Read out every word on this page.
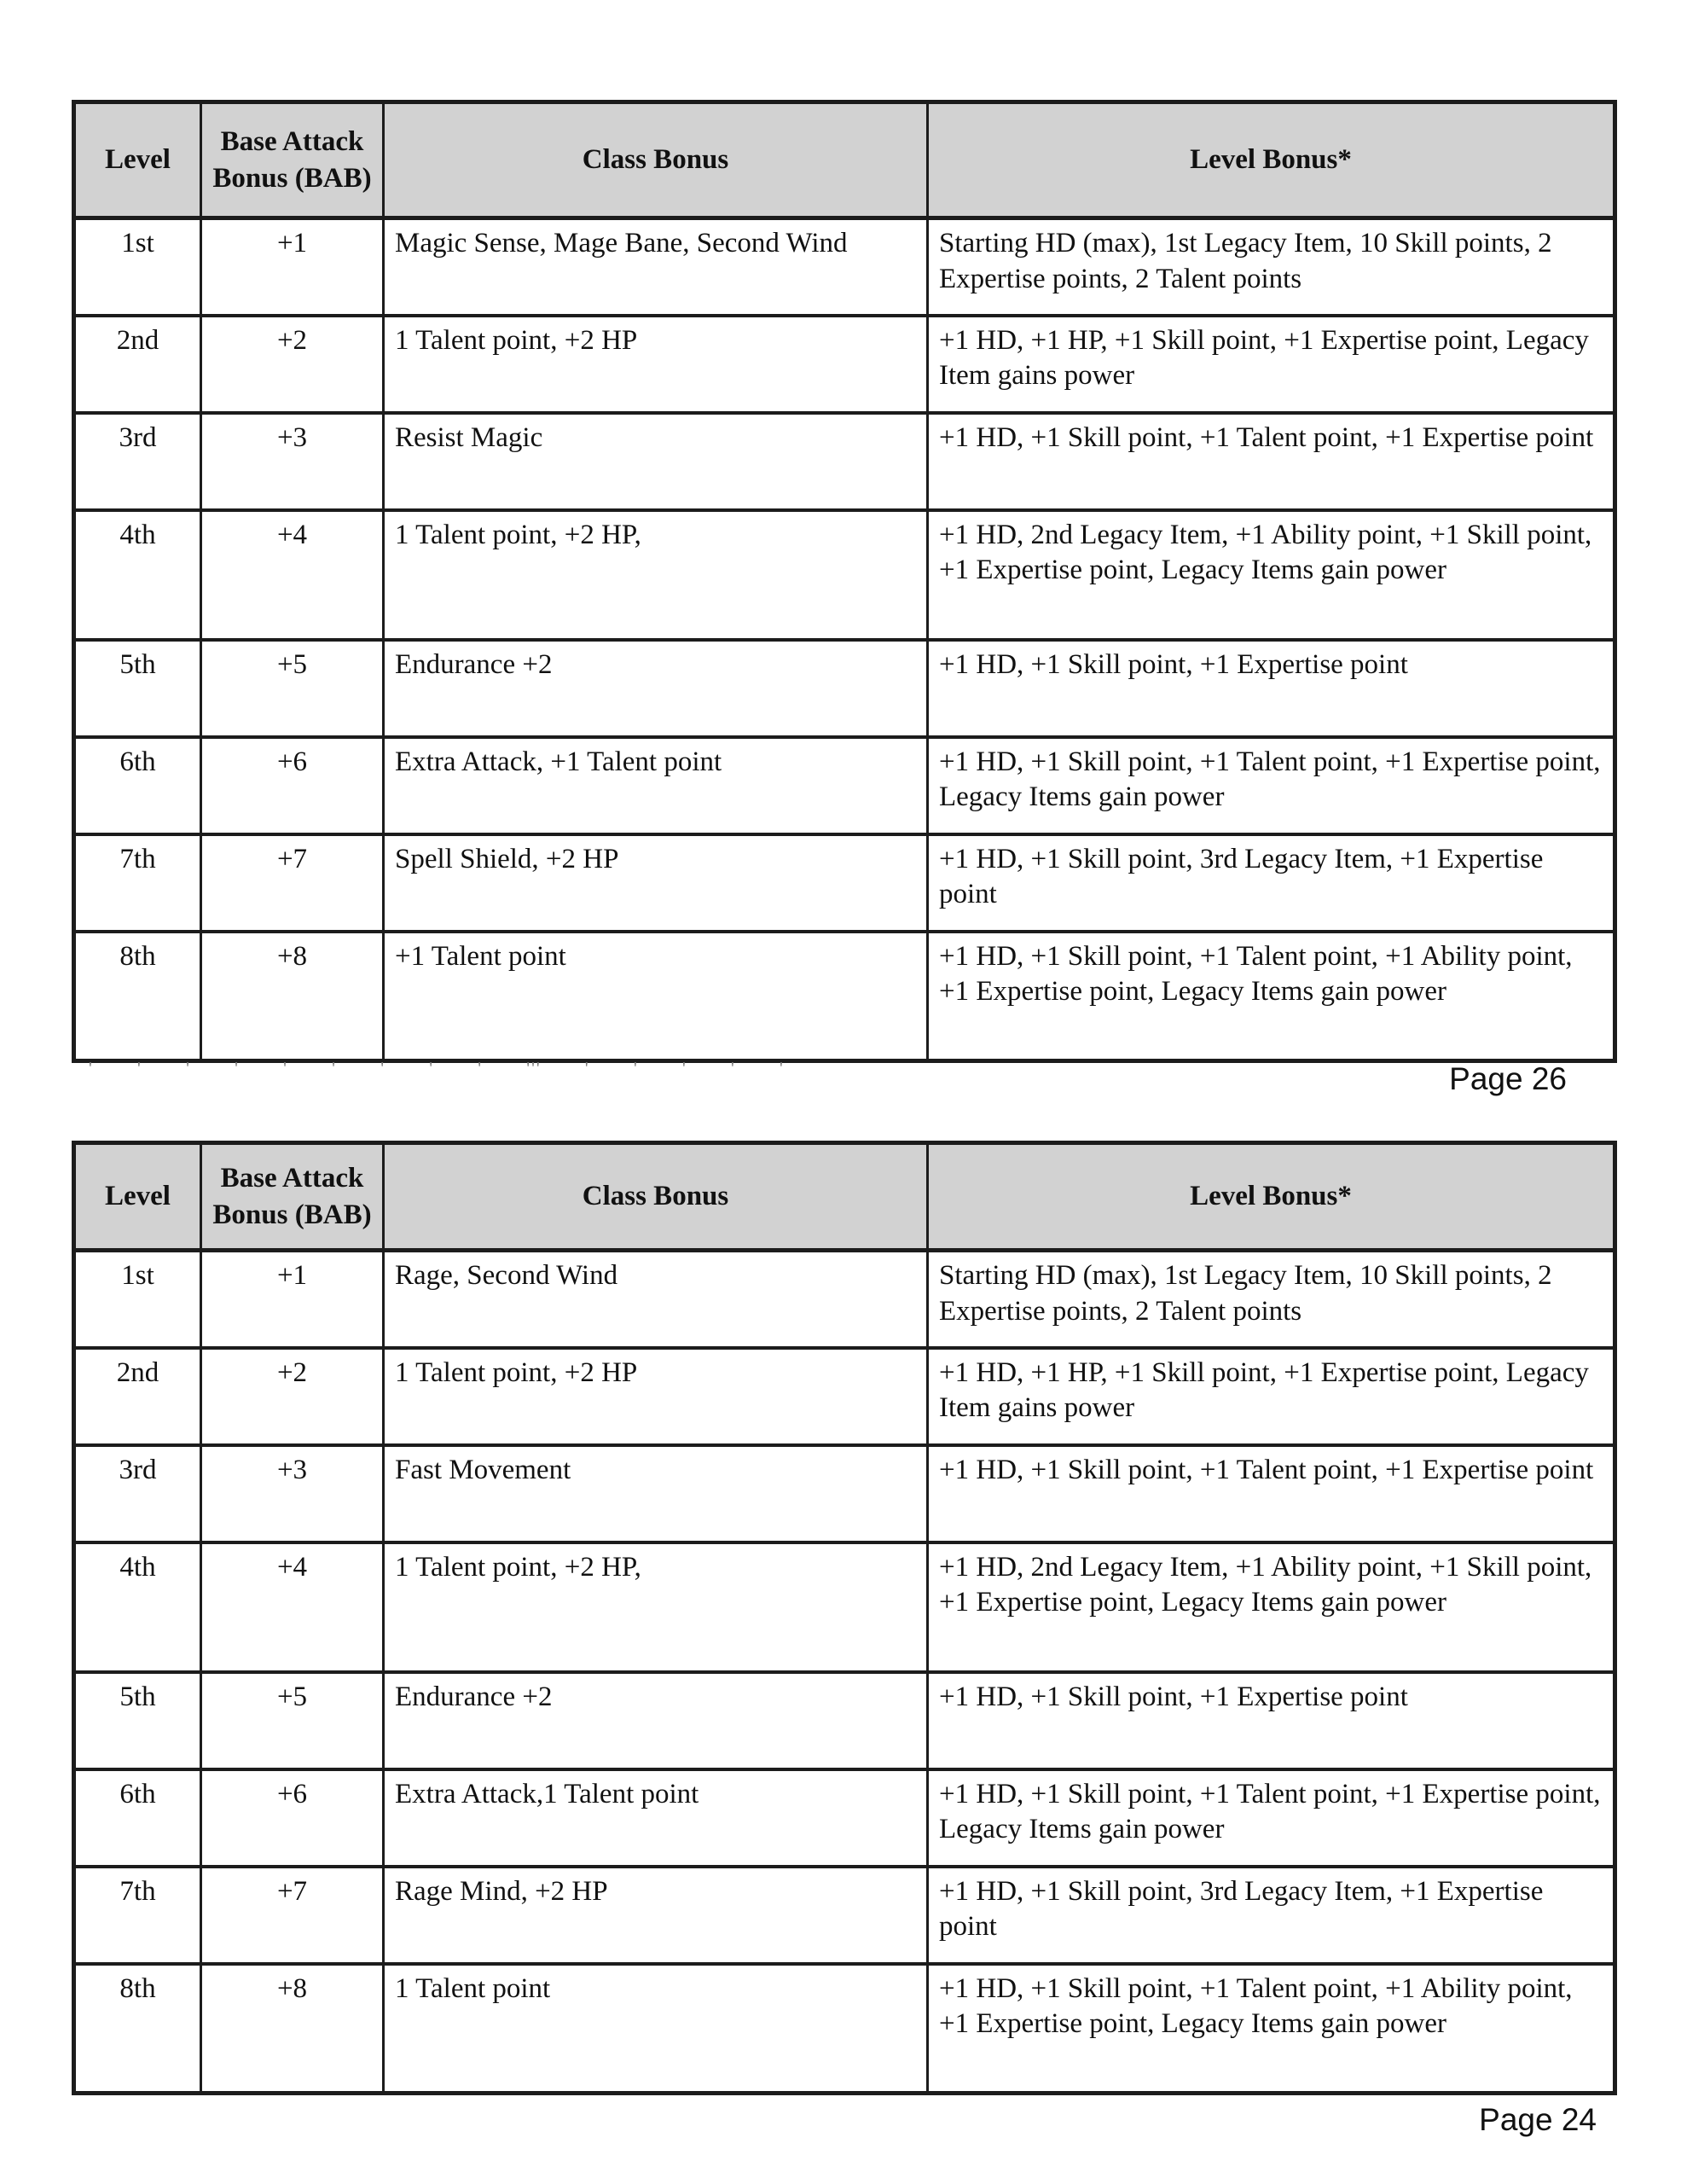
Level	Base Attack Bonus (BAB)	Class Bonus	Level Bonus*
1st	+1	Magic Sense, Mage Bane, Second Wind	Starting HD (max), 1st Legacy Item, 10 Skill points, 2 Expertise points, 2 Talent points
2nd	+2	1 Talent point, +2 HP	+1 HD, +1 HP, +1 Skill point, +1 Expertise point, Legacy Item gains power
3rd	+3	Resist Magic	+1 HD, +1 Skill point, +1 Talent point, +1 Expertise point
4th	+4	1 Talent point, +2 HP,	+1 HD, 2nd Legacy Item, +1 Ability point, +1 Skill point, +1 Expertise point, Legacy Items gain power
5th	+5	Endurance +2	+1 HD, +1 Skill point, +1 Expertise point
6th	+6	Extra Attack, +1 Talent point	+1 HD, +1 Skill point, +1 Talent point, +1 Expertise point, Legacy Items gain power
7th	+7	Spell Shield, +2 HP	+1 HD, +1 Skill point, 3rd Legacy Item, +1 Expertise point
8th	+8	+1 Talent point	+1 HD, +1 Skill point, +1 Talent point, +1 Ability point, +1 Expertise point, Legacy Items gain power
' ' ' ' ' ' ' ' ' ''' ' ' ' ' '	Page 26
Level	Base Attack Bonus (BAB)	Class Bonus	Level Bonus*
1st	+1	Rage, Second Wind	Starting HD (max), 1st Legacy Item, 10 Skill points, 2 Expertise points, 2 Talent points
2nd	+2	1 Talent point, +2 HP	+1 HD, +1 HP, +1 Skill point, +1 Expertise point, Legacy Item gains power
3rd	+3	Fast Movement	+1 HD, +1 Skill point, +1 Talent point, +1 Expertise point
4th	+4	1 Talent point, +2 HP,	+1 HD, 2nd Legacy Item, +1 Ability point, +1 Skill point, +1 Expertise point, Legacy Items gain power
5th	+5	Endurance +2	+1 HD, +1 Skill point, +1 Expertise point
6th	+6	Extra Attack,1 Talent point	+1 HD, +1 Skill point, +1 Talent point, +1 Expertise point, Legacy Items gain power
7th	+7	Rage Mind, +2 HP	+1 HD, +1 Skill point, 3rd Legacy Item, +1 Expertise point
8th	+8	1 Talent point	+1 HD, +1 Skill point, +1 Talent point, +1 Ability point, +1 Expertise point, Legacy Items gain power
Page 24
